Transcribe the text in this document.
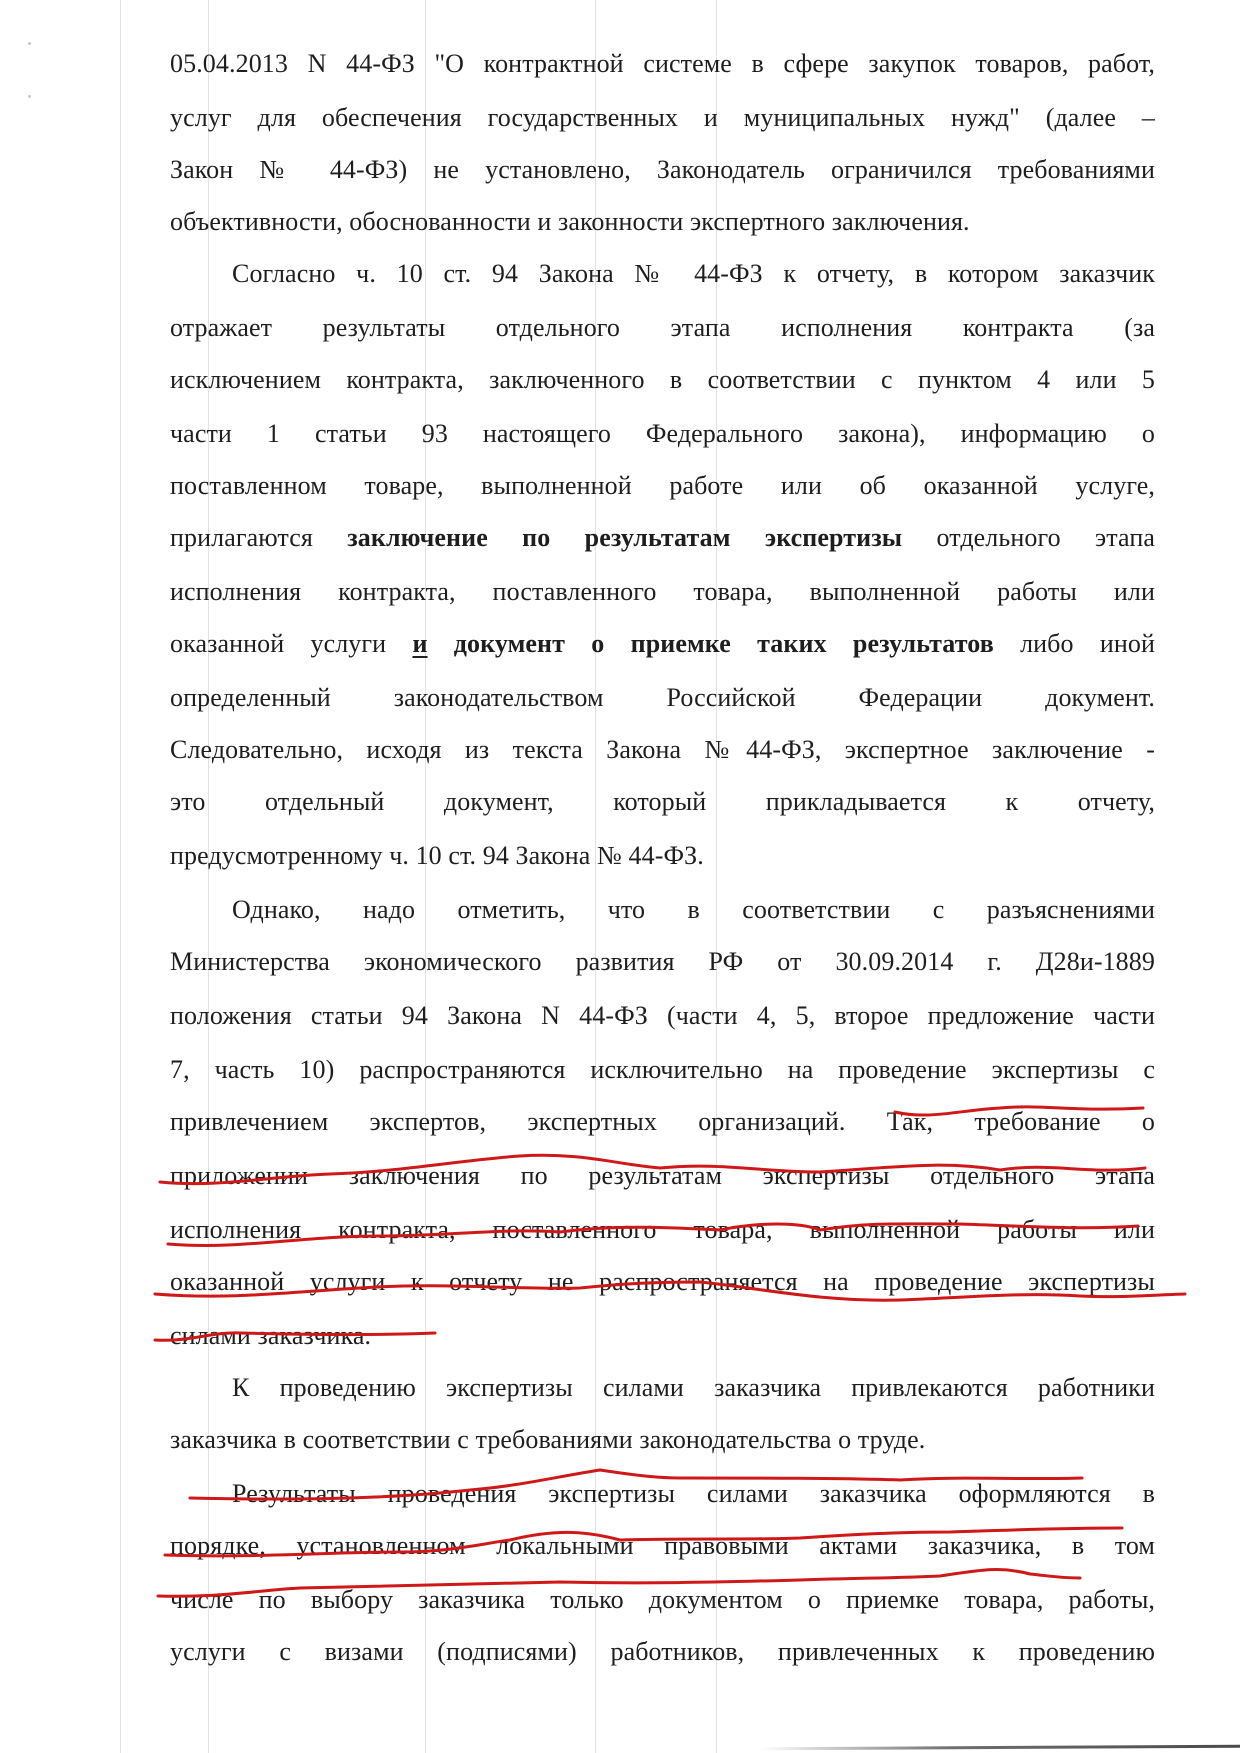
05.04.2013 N 44-ФЗ "О контрактной системе в сфере закупок товаров, работ,
услуг для обеспечения государственных и муниципальных нужд" (далее –
Закон № 44-ФЗ) не установлено, Законодатель ограничился требованиями
объективности, обоснованности и законности экспертного заключения.
Согласно ч. 10 ст. 94 Закона № 44-ФЗ к отчету, в котором заказчик
отражает результаты отдельного этапа исполнения контракта (за
исключением контракта, заключенного в соответствии с пунктом 4 или 5
части 1 статьи 93 настоящего Федерального закона), информацию о
поставленном товаре, выполненной работе или об оказанной услуге,
прилагаются заключение по результатам экспертизы отдельного этапа
исполнения контракта, поставленного товара, выполненной работы или
оказанной услуги и документ о приемке таких результатов либо иной
определенный законодательством Российской Федерации документ.
Следовательно, исходя из текста Закона №44-ФЗ, экспертное заключение -
это отдельный документ, который прикладывается к отчету,
предусмотренному ч. 10 ст. 94 Закона № 44-ФЗ.
Однако, надо отметить, что в соответствии с разъяснениями
Министерства экономического развития РФ от 30.09.2014 г. Д28и-1889
положения статьи 94 Закона N 44-ФЗ (части 4, 5, второе предложение части
7, часть 10) распространяются исключительно на проведение экспертизы с
привлечением экспертов, экспертных организаций. Так, требование о
приложении заключения по результатам экспертизы отдельного этапа
исполнения контракта, поставленного товара, выполненной работы или
оказанной услуги к отчету не распространяется на проведение экспертизы
силами заказчика.
К проведению экспертизы силами заказчика привлекаются работники
заказчика в соответствии с требованиями законодательства о труде.
Результаты проведения экспертизы силами заказчика оформляются в
порядке, установленном локальными правовыми актами заказчика, в том
числе по выбору заказчика только документом о приемке товара, работы,
услуги с визами (подписями) работников, привлеченных к проведению
